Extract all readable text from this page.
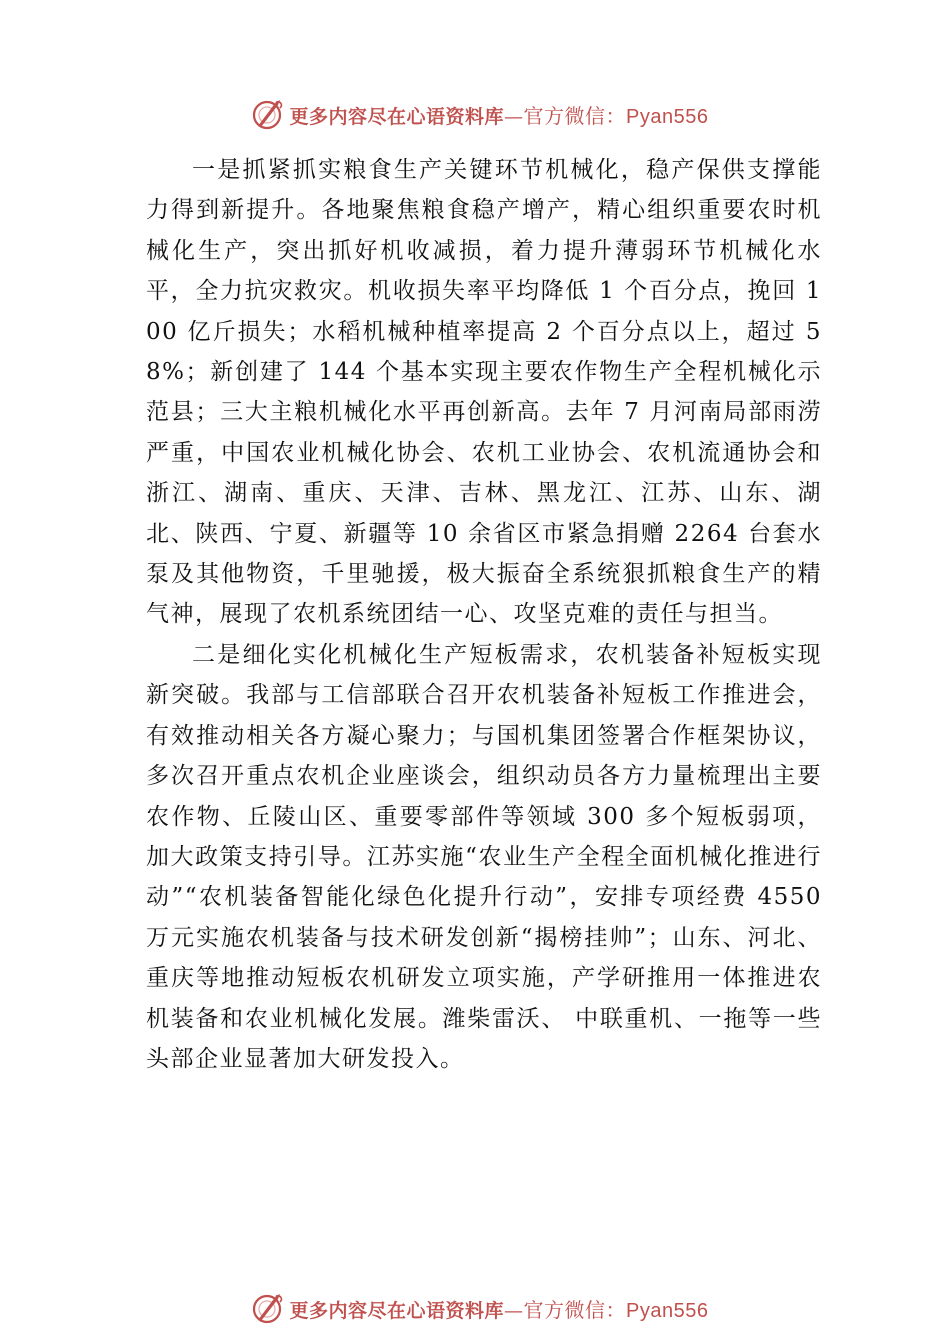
更多内容尽在心语资料库—官方微信：Pyan556

一是抓紧抓实粮食生产关键环节机械化，稳产保供支撑能力得到新提升。各地聚焦粮食稳产增产，精心组织重要农时机械化生产，突出抓好机收减损，着力提升薄弱环节机械化水平，全力抗灾救灾。机收损失率平均降低 1 个百分点，挽回 100 亿斤损失；水稻机械种植率提高 2 个百分点以上，超过 58%；新创建了 144 个基本实现主要农作物生产全程机械化示范县；三大主粮机械化水平再创新高。去年 7 月河南局部雨涝严重，中国农业机械化协会、农机工业协会、农机流通协会和浙江、湖南、重庆、天津、吉林、黑龙江、江苏、山东、湖北、陕西、宁夏、新疆等 10 余省区市紧急捐赠 2264 台套水泵及其他物资，千里驰援，极大振奋全系统狠抓粮食生产的精气神，展现了农机系统团结一心、攻坚克难的责任与担当。

二是细化实化机械化生产短板需求，农机装备补短板实现新突破。我部与工信部联合召开农机装备补短板工作推进会，有效推动相关各方凝心聚力；与国机集团签署合作框架协议，多次召开重点农机企业座谈会，组织动员各方力量梳理出主要农作物、丘陵山区、重要零部件等领域 300 多个短板弱项，加大政策支持引导。江苏实施“农业生产全程全面机械化推进行动”“农机装备智能化绿色化提升行动”，安排专项经费 4550 万元实施农机装备与技术研发创新“揭榜挂帅”；山东、河北、重庆等地推动短板农机研发立项实施，产学研推用一体推进农机装备和农业机械化发展。潍柴雷沃、 中联重机、一拖等一些头部企业显著加大研发投入。

更多内容尽在心语资料库—官方微信：Pyan556
